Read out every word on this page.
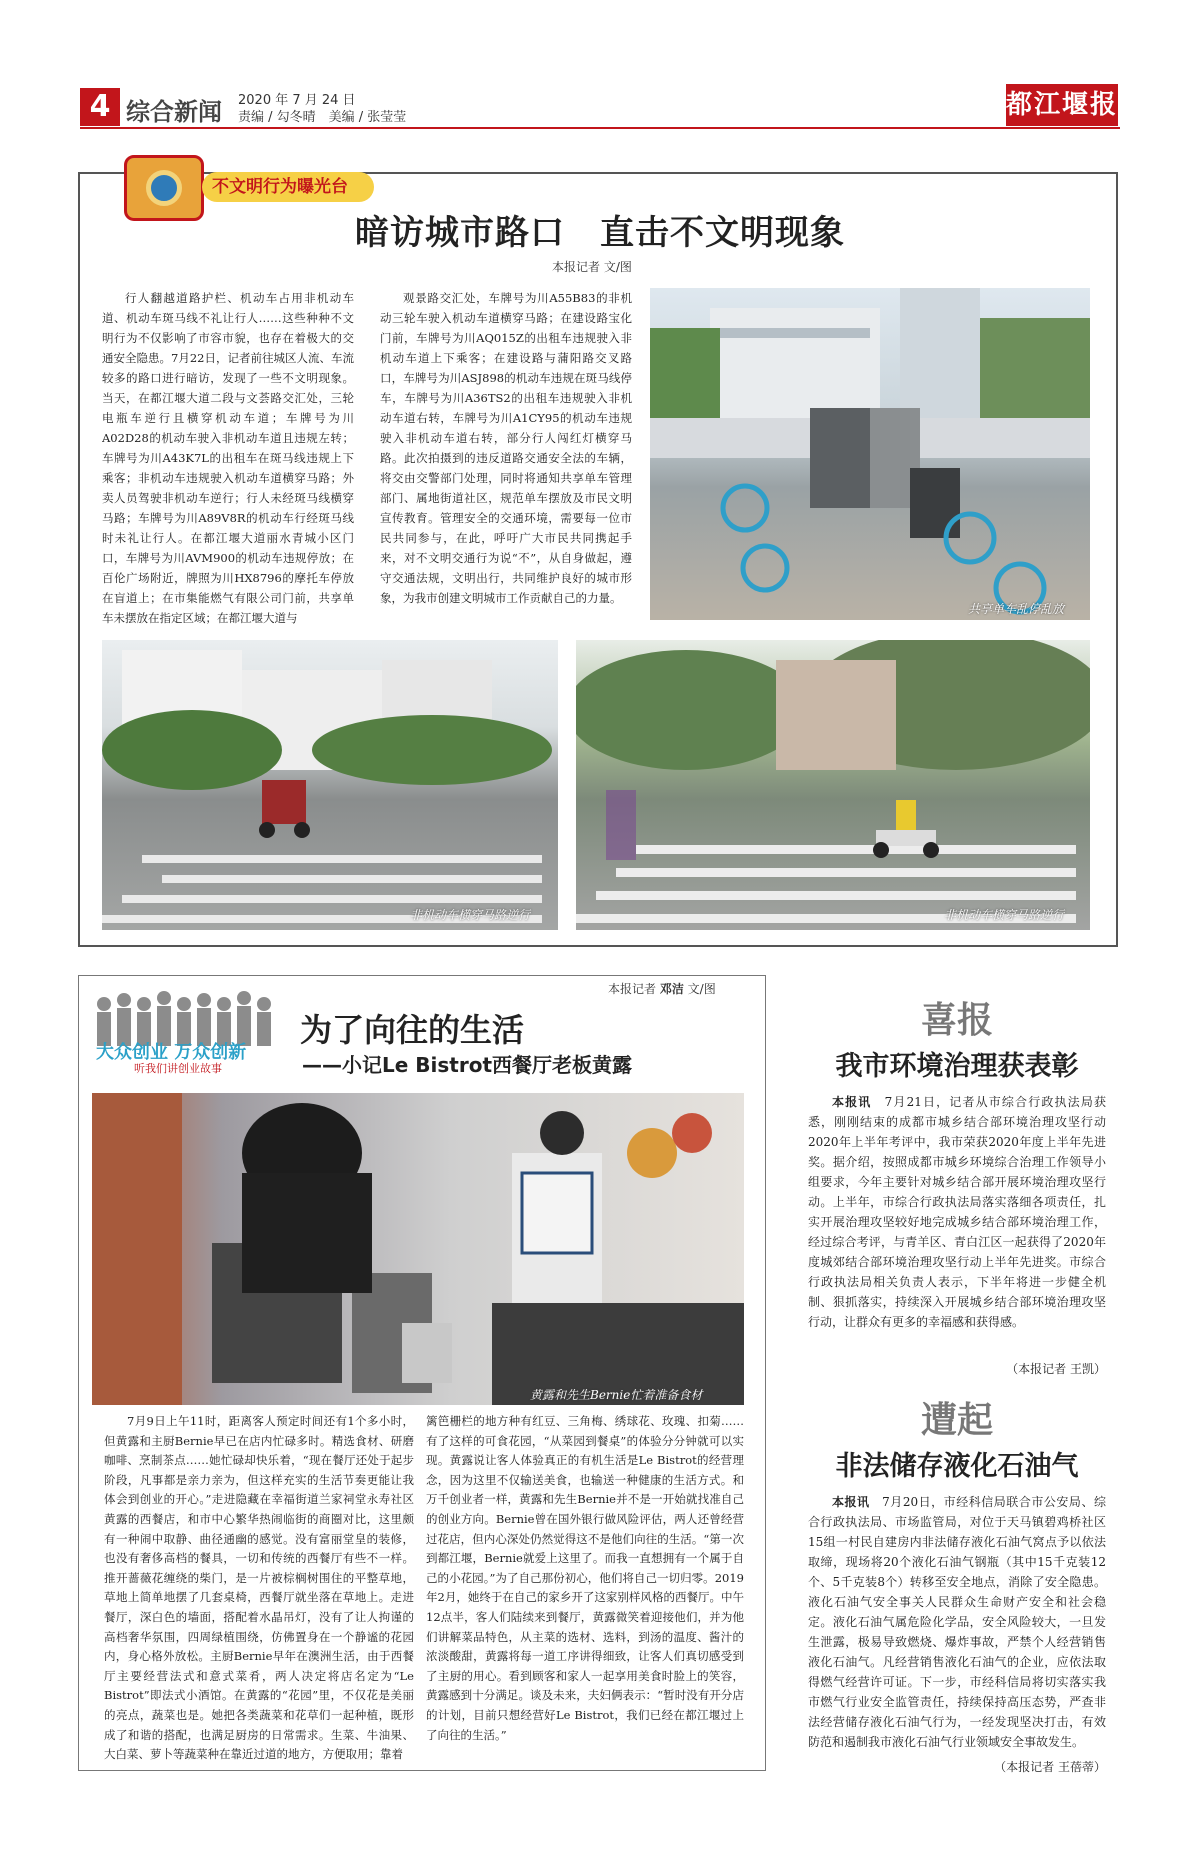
4 综合新闻 2020 年 7 月 24 日
责编 / 勾冬晴　美编 / 张莹莹	都江堰报
不文明行为曝光台
暗访城市路口　直击不文明现象
本报记者 文/图
行人翻越道路护栏、机动车占用非机动车道、机动车斑马线不礼让行人……这些种种不文明行为不仅影响了市容市貌，也存在着极大的交通安全隐患。7月22日，记者前往城区人流、车流较多的路口进行暗访，发现了一些不文明现象。当天，在都江堰大道二段与文荟路交汇处，三轮电瓶车逆行且横穿机动车道；车牌号为川A02D28的机动车驶入非机动车道且违规左转；车牌号为川A43K7L的出租车在斑马线违规上下乘客；非机动车违规驶入机动车道横穿马路；外卖人员驾驶非机动车逆行；行人未经斑马线横穿马路；车牌号为川A89V8R的机动车行经斑马线时未礼让行人。在都江堰大道丽水青城小区门口，车牌号为川AVM900的机动车违规停放；在百伦广场附近，牌照为川HX8796的摩托车停放在盲道上；在市集能燃气有限公司门前，共享单车未摆放在指定区域；在都江堰大道与
观景路交汇处，车牌号为川A55B83的非机动三轮车驶入机动车道横穿马路；在建设路宝化门前，车牌号为川AQ015Z的出租车违规驶入非机动车道上下乘客；在建设路与蒲阳路交叉路口，车牌号为川ASJ898的机动车违规在斑马线停车，车牌号为川A36TS2的出租车违规驶入非机动车道右转，车牌号为川A1CY95的机动车违规驶入非机动车道右转，部分行人闯红灯横穿马路。此次拍摄到的违反道路交通安全法的车辆，将交由交警部门处理，同时将通知共享单车管理部门、属地街道社区，规范单车摆放及市民文明宣传教育。管理安全的交通环境，需要每一位市民共同参与，在此，呼吁广大市民共同携起手来，对不文明交通行为说“不”，从自身做起，遵守交通法规，文明出行，共同维护良好的城市形象，为我市创建文明城市工作贡献自己的力量。
共享单车乱停乱放
非机动车横穿马路逆行	非机动车横穿马路逆行
本报记者 邓洁 文/图
大众创业 万众创新
听我们讲创业故事
为了向往的生活
——小记Le Bistrot西餐厅老板黄露
黄露和先生Bernie忙着准备食材
7月9日上午11时，距离客人预定时间还有1个多小时，但黄露和主厨Bernie早已在店内忙碌多时。精选食材、研磨咖啡、烹制茶点……她忙碌却快乐着，“现在餐厅还处于起步阶段，凡事都是亲力亲为，但这样充实的生活节奏更能让我体会到创业的开心。”走进隐藏在幸福街道兰家祠堂永寿社区黄露的西餐店，和市中心繁华热闹临街的商圈对比，这里颇有一种闹中取静、曲径通幽的感觉。没有富丽堂皇的装修，也没有奢侈高档的餐具，一切和传统的西餐厅有些不一样。推开蔷薇花缠绕的柴门，是一片被棕榈树围住的平整草地，草地上简单地摆了几套桌椅，西餐厅就坐落在草地上。走进餐厅，深白色的墙面，搭配着水晶吊灯，没有了让人拘谨的高档奢华氛围，四周绿植围绕，仿佛置身在一个静谧的花园内，身心格外放松。主厨Bernie早年在澳洲生活，由于西餐厅主要经营法式和意式菜肴，两人决定将店名定为“Le Bistrot”即法式小酒馆。在黄露的“花园”里，不仅花是美丽的亮点，蔬菜也是。她把各类蔬菜和花草们一起种植，既形成了和谐的搭配，也满足厨房的日常需求。生菜、牛油果、大白菜、萝卜等蔬菜种在靠近过道的地方，方便取用；靠着
篱笆栅栏的地方种有红豆、三角梅、绣球花、玫瑰、扣菊……有了这样的可食花园，“从菜园到餐桌”的体验分分钟就可以实现。黄露说让客人体验真正的有机生活是Le Bistrot的经营理念，因为这里不仅输送美食，也输送一种健康的生活方式。和万千创业者一样，黄露和先生Bernie并不是一开始就找准自己的创业方向。Bernie曾在国外银行做风险评估，两人还曾经营过花店，但内心深处仍然觉得这不是他们向往的生活。“第一次到都江堰，Bernie就爱上这里了。而我一直想拥有一个属于自己的小花园。”为了自己那份初心，他们将自己一切归零。2019年2月，她终于在自己的家乡开了这家别样风格的西餐厅。中午12点半，客人们陆续来到餐厅，黄露微笑着迎接他们，并为他们讲解菜品特色，从主菜的选材、选料，到汤的温度、酱汁的浓淡酸甜，黄露将每一道工序讲得细致，让客人们真切感受到了主厨的用心。看到顾客和家人一起享用美食时脸上的笑容，黄露感到十分满足。谈及未来，夫妇俩表示：“暂时没有开分店的计划，目前只想经营好Le Bistrot，我们已经在都江堰过上了向往的生活。”
喜报
我市环境治理获表彰

本报讯　 7月21日，记者从市综合行政执法局获悉，刚刚结束的成都市城乡结合部环境治理攻坚行动2020年上半年考评中，我市荣获2020年度上半年先进奖。据介绍，按照成都市城乡环境综合治理工作领导小组要求，今年主要针对城乡结合部开展环境治理攻坚行动。上半年，市综合行政执法局落实落细各项责任，扎实开展治理攻坚较好地完成城乡结合部环境治理工作，经过综合考评，与青羊区、青白江区一起获得了2020年度城郊结合部环境治理攻坚行动上半年先进奖。市综合行政执法局相关负责人表示，下半年将进一步健全机制、狠抓落实，持续深入开展城乡结合部环境治理攻坚行动，让群众有更多的幸福感和获得感。

（本报记者 王凯）
遭起
非法储存液化石油气

本报讯　 7月20日，市经科信局联合市公安局、综合行政执法局、市场监管局，对位于天马镇碧鸡桥社区15组一村民自建房内非法储存液化石油气窝点予以依法取缔，现场将20个液化石油气钢瓶（其中15千克装12个、5千克装8个）转移至安全地点，消除了安全隐患。液化石油气安全事关人民群众生命财产安全和社会稳定。液化石油气属危险化学品，安全风险较大，一旦发生泄露，极易导致燃烧、爆炸事故，严禁个人经营销售液化石油气。凡经营销售液化石油气的企业，应依法取得燃气经营许可证。下一步，市经科信局将切实落实我市燃气行业安全监管责任，持续保持高压态势，严查非法经营储存液化石油气行为，一经发现坚决打击，有效防范和遏制我市液化石油气行业领域安全事故发生。

（本报记者 王蓓蒂）
